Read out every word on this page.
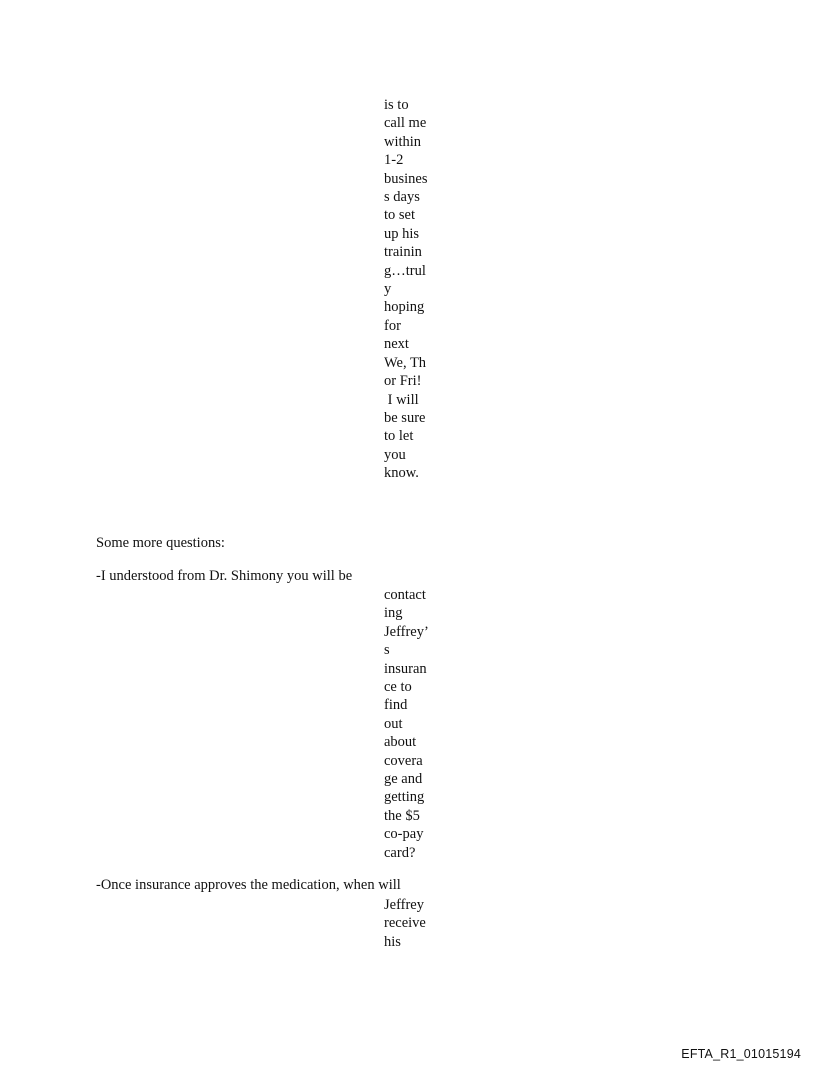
is to
call me
within
1-2
busines
s days
to set
up his
trainin
g…trul
y
hoping
for
next
We, Th
or Fri!
I will
be sure
to let
you
know.

Some more questions:

-I understood from Dr. Shimony you will be

contact
ing
Jeffrey’
s
insuran
ce to
find
out
about
covera
ge and
getting
the $5
co-pay
card?

-Once insurance approves the medication, when will

Jeffrey
receive
his
EFTA_R1_01015194
